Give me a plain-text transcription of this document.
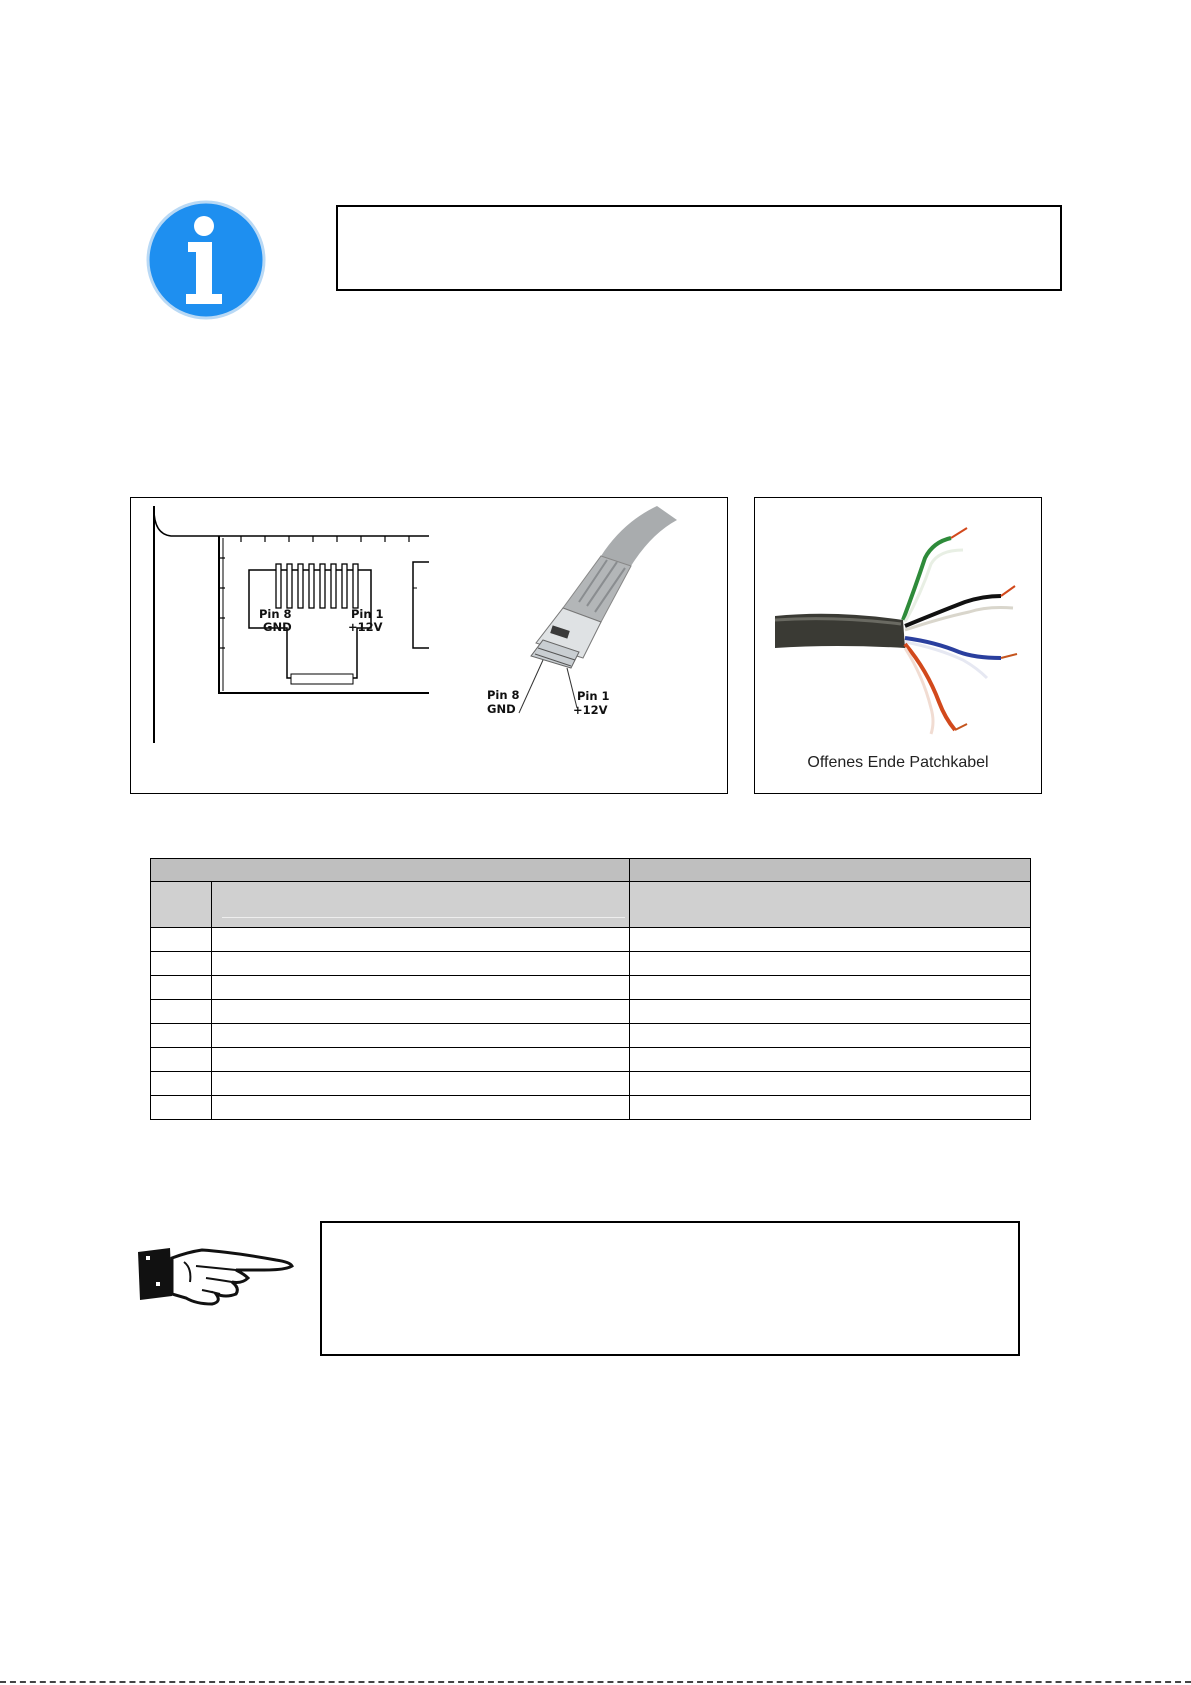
Pin 8
GND
Pin 1
+12V
Pin 8
GND
Pin 1
+12V
Offenes Ende Patchkabel
